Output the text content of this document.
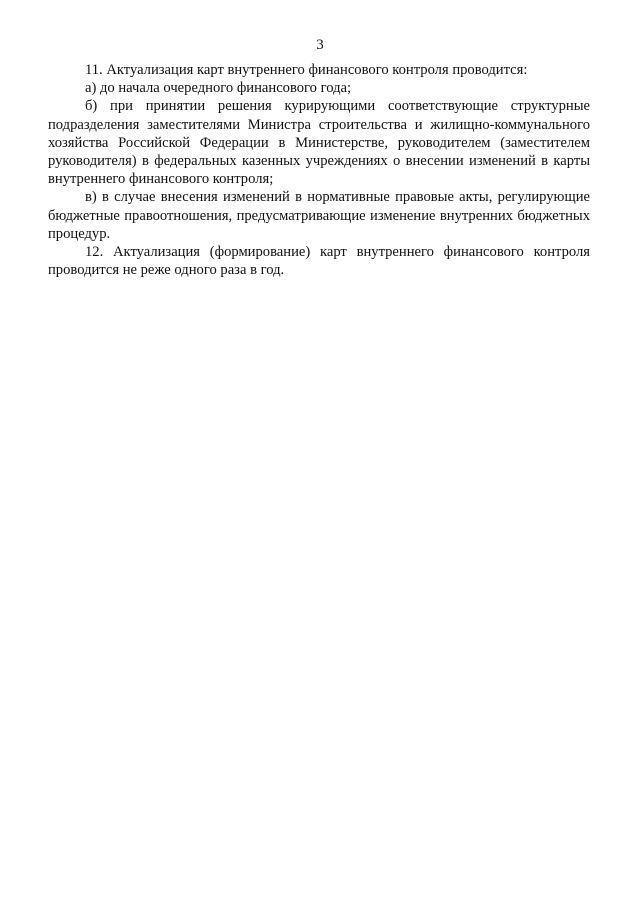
3

11. Актуализация карт внутреннего финансового контроля проводится:

а) до начала очередного финансового года;

б) при принятии решения курирующими соответствующие структурные подразделения заместителями Министра строительства и жилищно-коммунального хозяйства Российской Федерации в Министерстве, руководителем (заместителем руководителя) в федеральных казенных учреждениях о внесении изменений в карты внутреннего финансового контроля;

в) в случае внесения изменений в нормативные правовые акты, регулирующие бюджетные правоотношения, предусматривающие изменение внутренних бюджетных процедур.

12. Актуализация (формирование) карт внутреннего финансового контроля проводится не реже одного раза в год.
